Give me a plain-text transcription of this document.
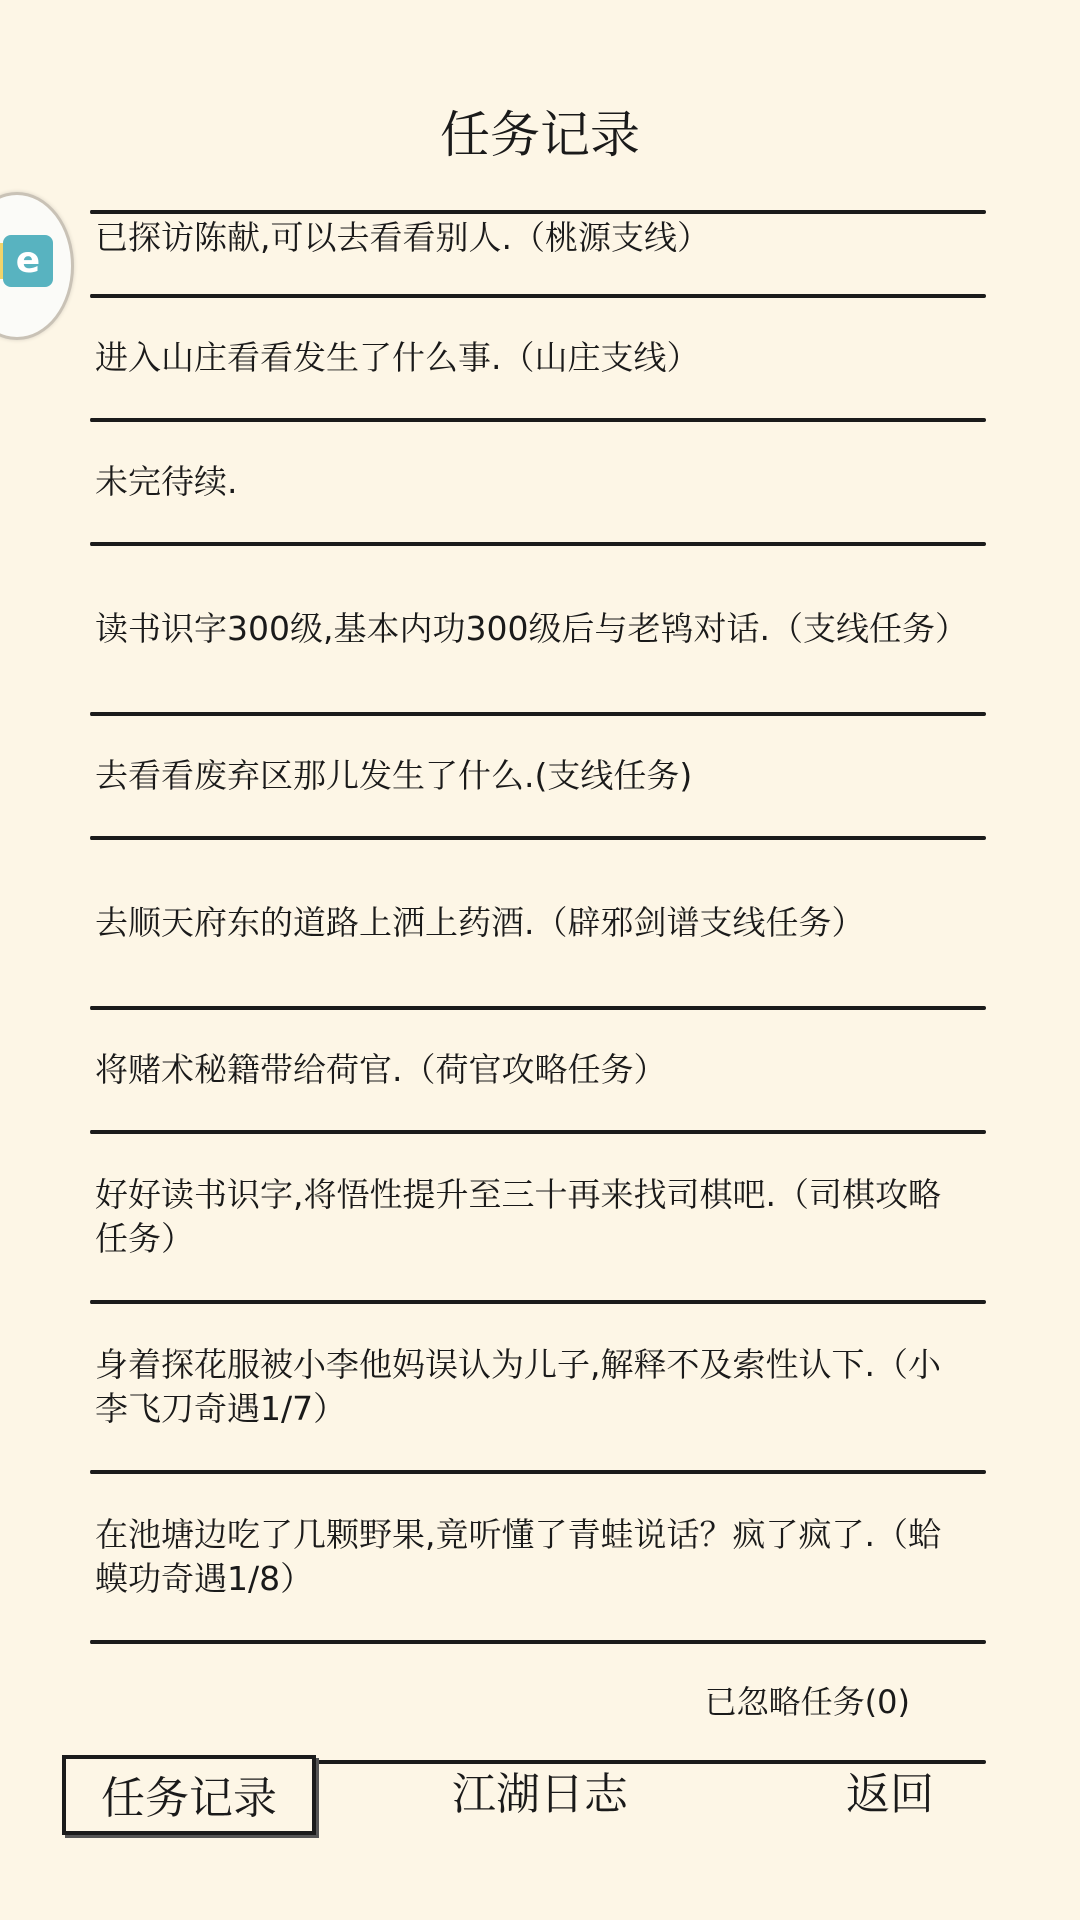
任务记录
e
已探访陈献,可以去看看别人.（桃源支线）
进入山庄看看发生了什么事.（山庄支线）
未完待续.
读书识字300级,基本内功300级后与老鸨对话.（支线任务）
去看看废弃区那儿发生了什么.(支线任务)
去顺天府东的道路上洒上药酒.（辟邪剑谱支线任务）
将赌术秘籍带给荷官.（荷官攻略任务）
好好读书识字,将悟性提升至三十再来找司棋吧.（司棋攻略任务）
身着探花服被小李他妈误认为儿子,解释不及索性认下.（小李飞刀奇遇1/7）
在池塘边吃了几颗野果,竟听懂了青蛙说话？疯了疯了.（蛤蟆功奇遇1/8）
已忽略任务(0)
任务记录	江湖日志	返回
